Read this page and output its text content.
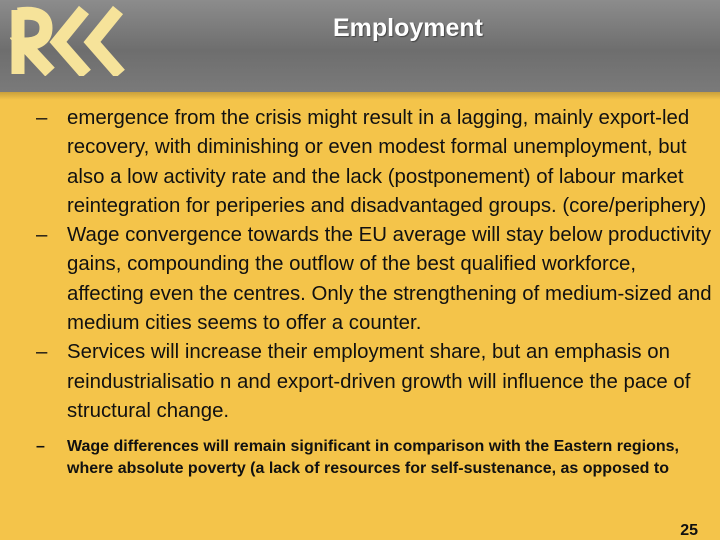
Employment
– emergence from the crisis might result in a lagging, mainly export-led recovery, with diminishing or even modest formal unemployment, but also a low activity rate and the lack (postponement) of labour market reintegration for periperies and disadvantaged groups. (core/periphery)
– Wage convergence towards the EU average will stay below productivity gains, compounding the outflow of the best qualified workforce, affecting even the centres. Only the strengthening of medium-sized and medium cities seems to offer a counter.
– Services will increase their employment share, but an emphasis on reindustrialisatio n and export-driven growth will influence the pace of structural change.
– Wage differences will remain significant in comparison with the Eastern regions, where absolute poverty (a lack of resources for self-sustenance, as opposed to
25
